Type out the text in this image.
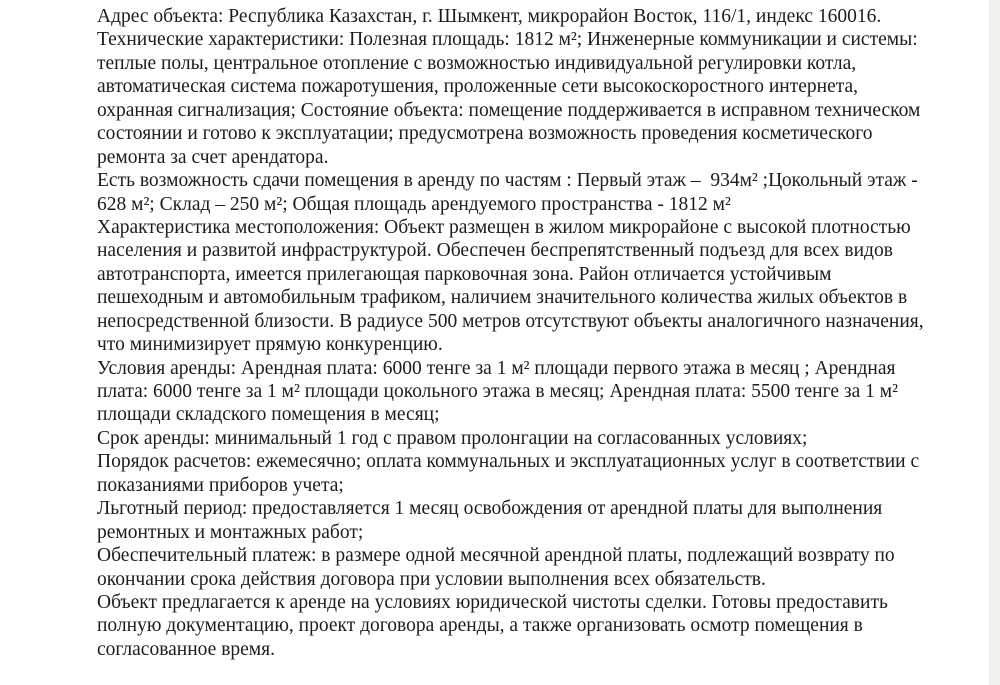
Адрес объекта: Республика Казахстан, г. Шымкент, микрорайон Восток, 116/1, индекс 160016.
Технические характеристики: Полезная площадь: 1812 м²; Инженерные коммуникации и системы:
теплые полы, центральное отопление с возможностью индивидуальной регулировки котла,
автоматическая система пожаротушения, проложенные сети высокоскоростного интернета,
охранная сигнализация; Состояние объекта: помещение поддерживается в исправном техническом
состоянии и готово к эксплуатации; предусмотрена возможность проведения косметического
ремонта за счет арендатора.
Есть возможность сдачи помещения в аренду по частям : Первый этаж –  934м² ;Цокольный этаж -
628 м²; Склад – 250 м²; Общая площадь арендуемого пространства - 1812 м²
Характеристика местоположения: Объект размещен в жилом микрорайоне с высокой плотностью
населения и развитой инфраструктурой. Обеспечен беспрепятственный подъезд для всех видов
автотранспорта, имеется прилегающая парковочная зона. Район отличается устойчивым
пешеходным и автомобильным трафиком, наличием значительного количества жилых объектов в
непосредственной близости. В радиусе 500 метров отсутствуют объекты аналогичного назначения,
что минимизирует прямую конкуренцию.
Условия аренды: Арендная плата: 6000 тенге за 1 м² площади первого этажа в месяц ; Арендная
плата: 6000 тенге за 1 м² площади цокольного этажа в месяц; Арендная плата: 5500 тенге за 1 м²
площади складского помещения в месяц;
Срок аренды: минимальный 1 год с правом пролонгации на согласованных условиях;
Порядок расчетов: ежемесячно; оплата коммунальных и эксплуатационных услуг в соответствии с
показаниями приборов учета;
Льготный период: предоставляется 1 месяц освобождения от арендной платы для выполнения
ремонтных и монтажных работ;
Обеспечительный платеж: в размере одной месячной арендной платы, подлежащий возврату по
окончании срока действия договора при условии выполнения всех обязательств.
Объект предлагается к аренде на условиях юридической чистоты сделки. Готовы предоставить
полную документацию, проект договора аренды, а также организовать осмотр помещения в
согласованное время.
